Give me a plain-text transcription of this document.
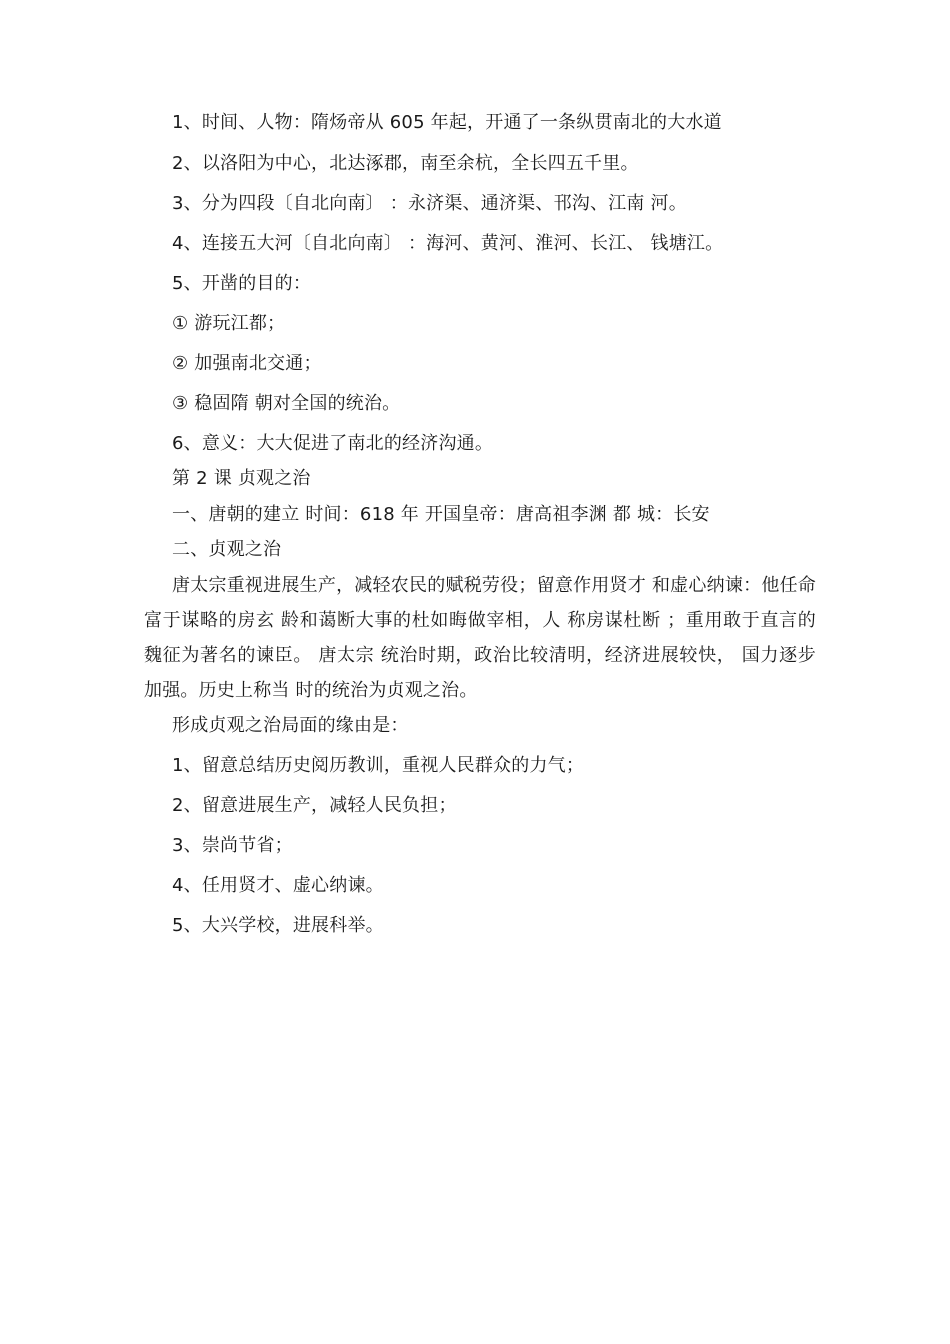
1、时间、人物：隋炀帝从 605 年起，开通了一条纵贯南北的大水道
2、以洛阳为中心，北达涿郡，南至余杭，全长四五千里。
3、分为四段〔自北向南〕 ：永济渠、通济渠、邗沟、江南 河。
4、连接五大河〔自北向南〕 ：海河、黄河、淮河、长江、 钱塘江。
5、开凿的目的：
① 游玩江都；
② 加强南北交通；
③ 稳固隋 朝对全国的统治。
6、意义：大大促进了南北的经济沟通。
第 2 课 贞观之治
一、唐朝的建立 时间：618 年 开国皇帝：唐高祖李渊 都 城：长安
二、贞观之治
唐太宗重视进展生产，减轻农民的赋税劳役；留意作用贤才 和虚心纳谏：他任命富于谋略的房玄 龄和蔼断大事的杜如晦做宰相，人 称房谋杜断 ；重用敢于直言的魏征为著名的谏臣。 唐太宗 统治时期，政治比较清明，经济进展较快， 国力逐步加强。历史上称当 时的统治为贞观之治。
形成贞观之治局面的缘由是：
1、留意总结历史阅历教训，重视人民群众的力气；
2、留意进展生产，减轻人民负担；
3、崇尚节省；
4、任用贤才、虚心纳谏。
5、大兴学校，进展科举。
